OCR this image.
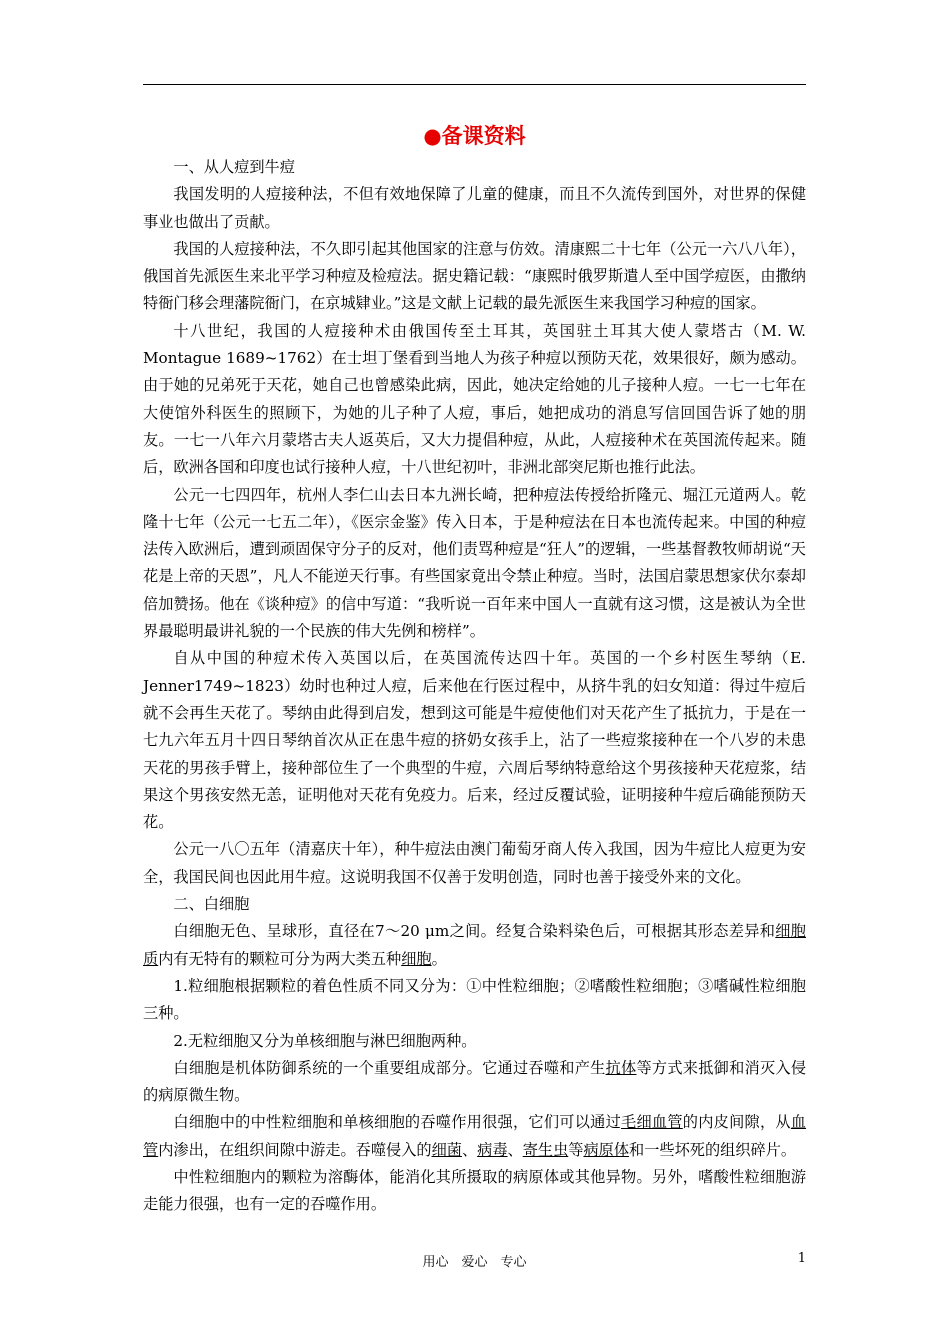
●备课资料

一、从人痘到牛痘

我国发明的人痘接种法，不但有效地保障了儿童的健康，而且不久流传到国外，对世界的保健事业也做出了贡献。

我国的人痘接种法，不久即引起其他国家的注意与仿效。清康熙二十七年（公元一六八八年），俄国首先派医生来北平学习种痘及检痘法。据史籍记载：“康熙时俄罗斯遣人至中国学痘医，由撒纳特衙门移会理藩院衙门，在京城肄业。”这是文献上记载的最先派医生来我国学习种痘的国家。

十八世纪，我国的人痘接种术由俄国传至土耳其，英国驻土耳其大使人蒙塔古（M. W. Montague 1689~1762）在士坦丁堡看到当地人为孩子种痘以预防天花，效果很好，颇为感动。由于她的兄弟死于天花，她自己也曾感染此病，因此，她决定给她的儿子接种人痘。一七一七年在大使馆外科医生的照顾下，为她的儿子种了人痘，事后，她把成功的消息写信回国告诉了她的朋友。一七一八年六月蒙塔古夫人返英后，又大力提倡种痘，从此，人痘接种术在英国流传起来。随后，欧洲各国和印度也试行接种人痘，十八世纪初叶，非洲北部突尼斯也推行此法。

公元一七四四年，杭州人李仁山去日本九洲长崎，把种痘法传授给折隆元、堀江元道两人。乾隆十七年（公元一七五二年），《医宗金鉴》传入日本，于是种痘法在日本也流传起来。中国的种痘法传入欧洲后，遭到顽固保守分子的反对，他们责骂种痘是“狂人”的逻辑，一些基督教牧师胡说“天花是上帝的天恩”，凡人不能逆天行事。有些国家竟出令禁止种痘。当时，法国启蒙思想家伏尔泰却倍加赞扬。他在《谈种痘》的信中写道：“我听说一百年来中国人一直就有这习惯，这是被认为全世界最聪明最讲礼貌的一个民族的伟大先例和榜样”。

自从中国的种痘术传入英国以后，在英国流传达四十年。英国的一个乡村医生琴纳（E. Jenner1749~1823）幼时也种过人痘，后来他在行医过程中，从挤牛乳的妇女知道：得过牛痘后就不会再生天花了。琴纳由此得到启发，想到这可能是牛痘使他们对天花产生了抵抗力，于是在一七九六年五月十四日琴纳首次从正在患牛痘的挤奶女孩手上，沾了一些痘浆接种在一个八岁的未患天花的男孩手臂上，接种部位生了一个典型的牛痘，六周后琴纳特意给这个男孩接种天花痘浆，结果这个男孩安然无恙，证明他对天花有免疫力。后来，经过反覆试验，证明接种牛痘后确能预防天花。

公元一八〇五年（清嘉庆十年），种牛痘法由澳门葡萄牙商人传入我国，因为牛痘比人痘更为安全，我国民间也因此用牛痘。这说明我国不仅善于发明创造，同时也善于接受外来的文化。

二、白细胞

白细胞无色、呈球形，直径在7～20 μm之间。经复合染料染色后，可根据其形态差异和细胞质内有无特有的颗粒可分为两大类五种细胞。

1.粒细胞根据颗粒的着色性质不同又分为：①中性粒细胞；②嗜酸性粒细胞；③嗜碱性粒细胞三种。

2.无粒细胞又分为单核细胞与淋巴细胞两种。

白细胞是机体防御系统的一个重要组成部分。它通过吞噬和产生抗体等方式来抵御和消灭入侵的病原微生物。

白细胞中的中性粒细胞和单核细胞的吞噬作用很强，它们可以通过毛细血管的内皮间隙，从血管内渗出，在组织间隙中游走。吞噬侵入的细菌、病毒、寄生虫等病原体和一些坏死的组织碎片。

中性粒细胞内的颗粒为溶酶体，能消化其所摄取的病原体或其他异物。另外，嗜酸性粒细胞游走能力很强，也有一定的吞噬作用。

用心　爱心　专心	1
